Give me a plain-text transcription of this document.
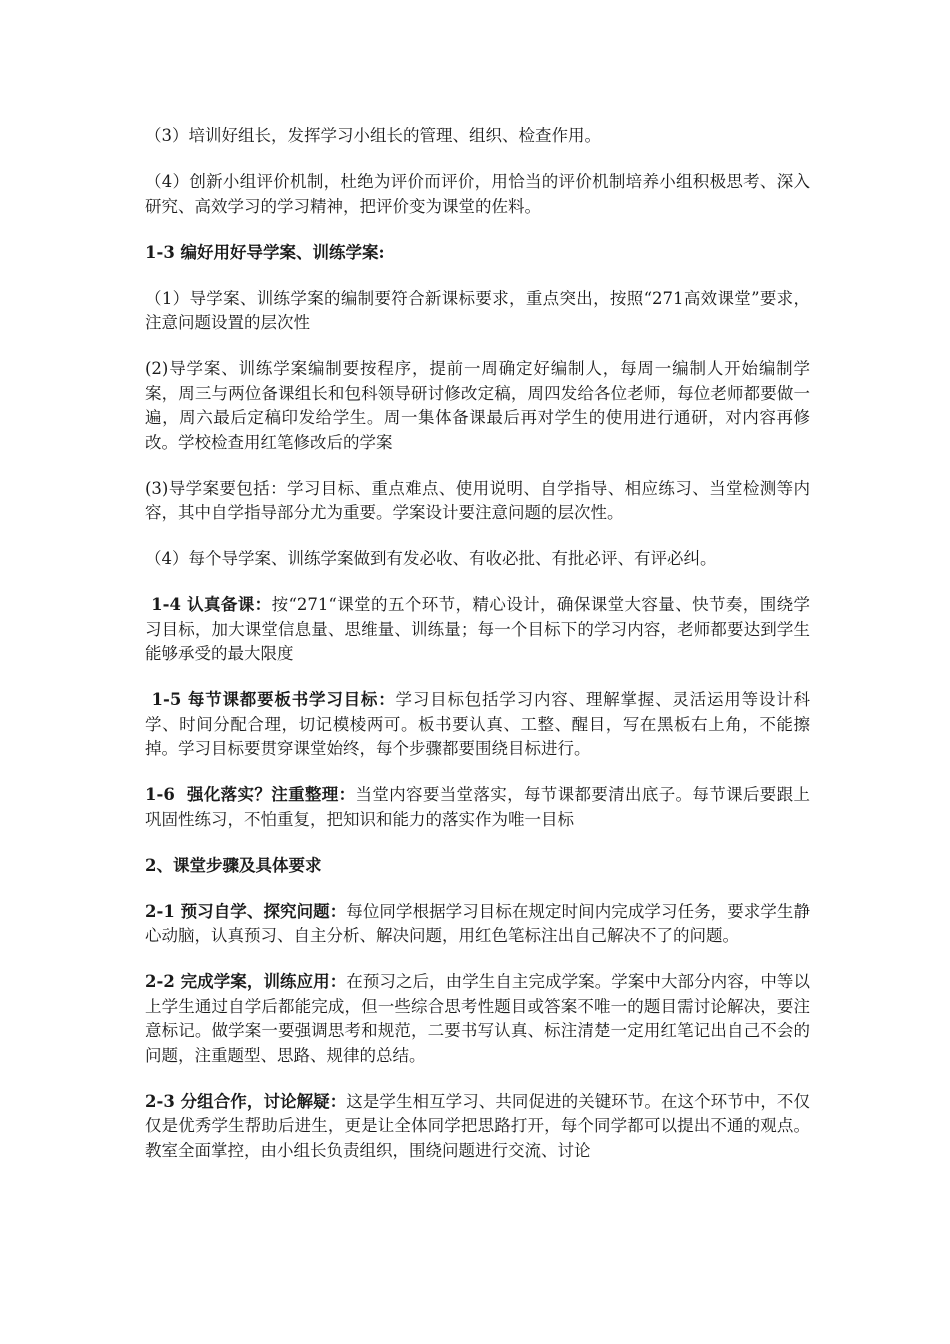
（3）培训好组长，发挥学习小组长的管理、组织、检查作用。

（4）创新小组评价机制，杜绝为评价而评价，用恰当的评价机制培养小组积极思考、深入研究、高效学习的学习精神，把评价变为课堂的佐料。

1-3 编好用好导学案、训练学案:

（1）导学案、训练学案的编制要符合新课标要求，重点突出，按照“271高效课堂”要求，注意问题设置的层次性

(2)导学案、训练学案编制要按程序，提前一周确定好编制人，每周一编制人开始编制学案，周三与两位备课组长和包科领导研讨修改定稿，周四发给各位老师，每位老师都要做一遍，周六最后定稿印发给学生。周一集体备课最后再对学生的使用进行通研，对内容再修改。学校检查用红笔修改后的学案

(3)导学案要包括：学习目标、重点难点、使用说明、自学指导、相应练习、当堂检测等内容，其中自学指导部分尤为重要。学案设计要注意问题的层次性。

（4）每个导学案、训练学案做到有发必收、有收必批、有批必评、有评必纠。

1-4 认真备课：按“271“课堂的五个环节，精心设计，确保课堂大容量、快节奏，围绕学习目标，加大课堂信息量、思维量、训练量；每一个目标下的学习内容，老师都要达到学生能够承受的最大限度

1-5 每节课都要板书学习目标：学习目标包括学习内容、理解掌握、灵活运用等设计科学、时间分配合理，切记模棱两可。板书要认真、工整、醒目，写在黑板右上角，不能擦掉。学习目标要贯穿课堂始终，每个步骤都要围绕目标进行。

1-6  强化落实？注重整理：当堂内容要当堂落实，每节课都要清出底子。每节课后要跟上巩固性练习，不怕重复，把知识和能力的落实作为唯一目标

2、课堂步骤及具体要求

2-1 预习自学、探究问题：每位同学根据学习目标在规定时间内完成学习任务，要求学生静心动脑，认真预习、自主分析、解决问题，用红色笔标注出自己解决不了的问题。

2-2 完成学案，训练应用：在预习之后，由学生自主完成学案。学案中大部分内容，中等以上学生通过自学后都能完成，但一些综合思考性题目或答案不唯一的题目需讨论解决，要注意标记。做学案一要强调思考和规范，二要书写认真、标注清楚一定用红笔记出自己不会的问题，注重题型、思路、规律的总结。

2-3 分组合作，讨论解疑：这是学生相互学习、共同促进的关键环节。在这个环节中，不仅仅是优秀学生帮助后进生，更是让全体同学把思路打开，每个同学都可以提出不通的观点。教室全面掌控，由小组长负责组织，围绕问题进行交流、讨论
